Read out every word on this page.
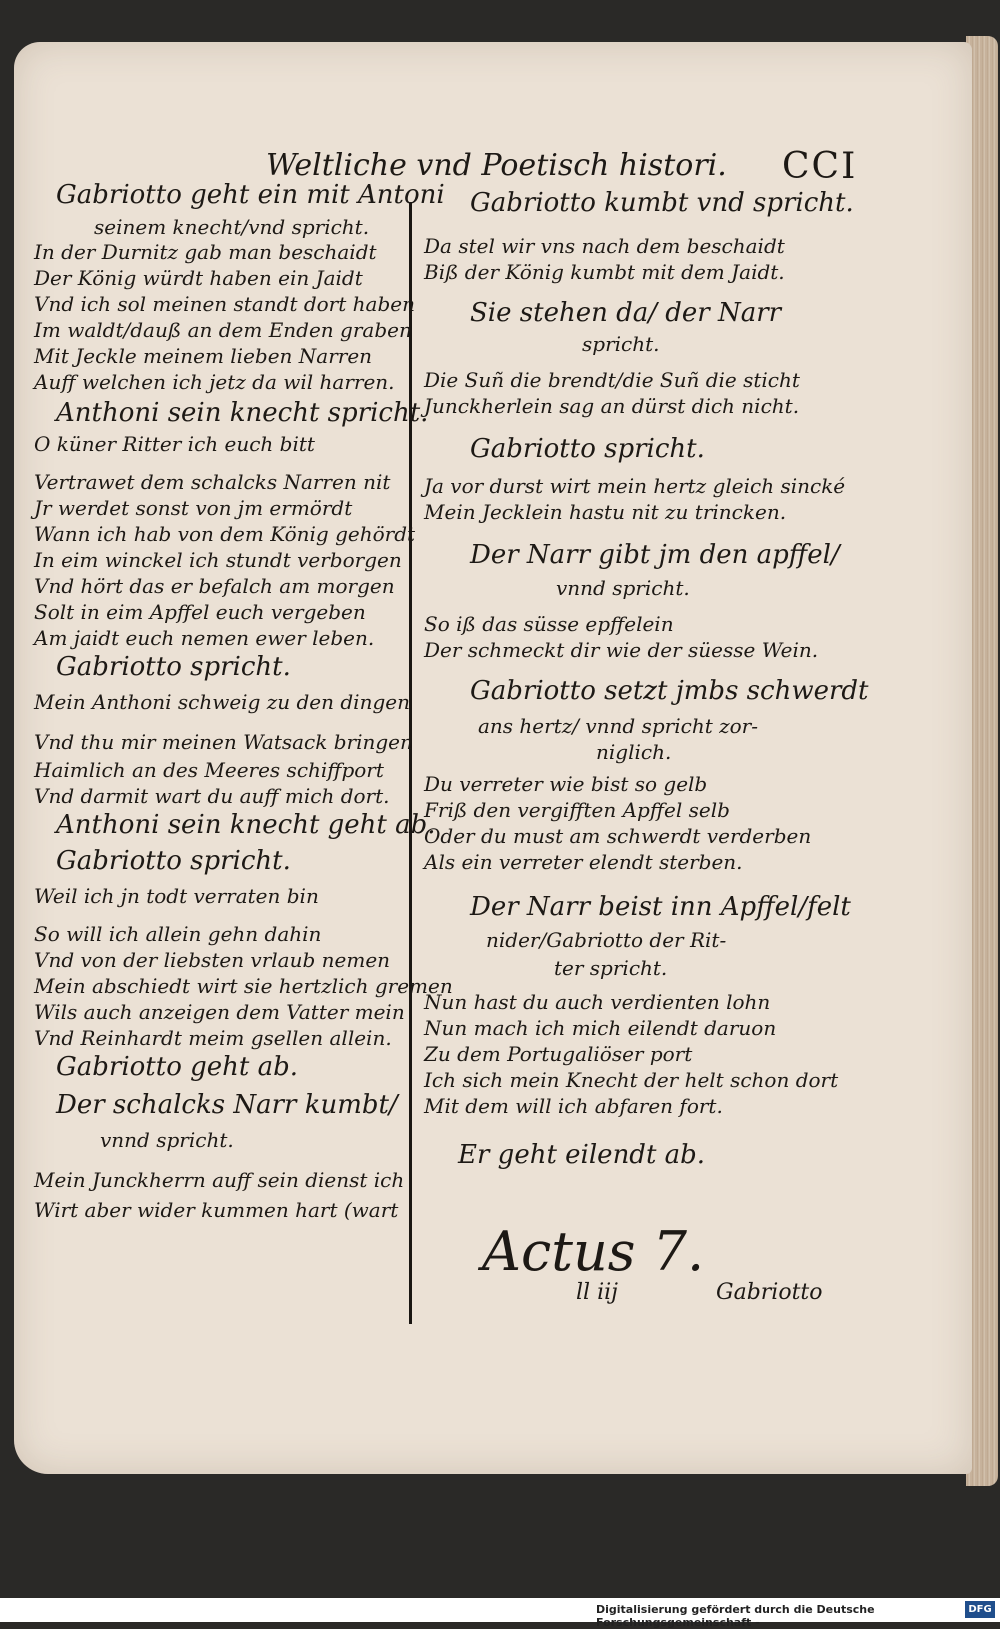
Weltliche vnd Poetisch histori. CCI
Gabriotto geht ein mit Antoni
seinem knecht/vnd spricht.
In der Durnitz gab man beschaidt
Der König würdt haben ein Jaidt
Vnd ich sol meinen standt dort haben
Im waldt/dauß an dem Enden graben
Mit Jeckle meinem lieben Narren
Auff welchen ich jetz da wil harren.
Anthoni sein knecht spricht.
O küner Ritter ich euch bitt
Vertrawet dem schalcks Narren nit
Jr werdet sonst von jm ermördt
Wann ich hab von dem König gehördt
In eim winckel ich stundt verborgen
Vnd hört das er befalch am morgen
Solt in eim Apffel euch vergeben
Am jaidt euch nemen ewer leben.
Gabriotto spricht.
Mein Anthoni schweig zu den dingen
Vnd thu mir meinen Watsack bringen
Haimlich an des Meeres schiffport
Vnd darmit wart du auff mich dort.
Anthoni sein knecht geht ab.
Gabriotto spricht.
Weil ich jn todt verraten bin
So will ich allein gehn dahin
Vnd von der liebsten vrlaub nemen
Mein abschiedt wirt sie hertzlich gremen
Wils auch anzeigen dem Vatter mein
Vnd Reinhardt meim gsellen allein.
Gabriotto geht ab.
Der schalcks Narr kumbt/
vnnd spricht.
Mein Junckherrn auff sein dienst ich
Wirt aber wider kummen hart (wart
Gabriotto kumbt vnd spricht.
Da stel wir vns nach dem beschaidt
Biß der König kumbt mit dem Jaidt.
Sie stehen da/ der Narr
spricht.
Die Suñ die brendt/die Suñ die sticht
Junckherlein sag an dürst dich nicht.
Gabriotto spricht.
Ja vor durst wirt mein hertz gleich sincké
Mein Jecklein hastu nit zu trincken.
Der Narr gibt jm den apffel/
vnnd spricht.
So iß das süsse epffelein
Der schmeckt dir wie der süesse Wein.
Gabriotto setzt jmbs schwerdt
ans hertz/ vnnd spricht zor-
niglich.
Du verreter wie bist so gelb
Friß den vergifften Apffel selb
Oder du must am schwerdt verderben
Als ein verreter elendt sterben.
Der Narr beist inn Apffel/felt
nider/Gabriotto der Rit-
ter spricht.
Nun hast du auch verdienten lohn
Nun mach ich mich eilendt daruon
Zu dem Portugaliöser port
Ich sich mein Knecht der helt schon dort
Mit dem will ich abfaren fort.
Er geht eilendt ab.
Actus 7.
ll iij	Gabriotto
Digitalisierung gefördert durch die Deutsche Forschungsgemeinschaft -
DFG
